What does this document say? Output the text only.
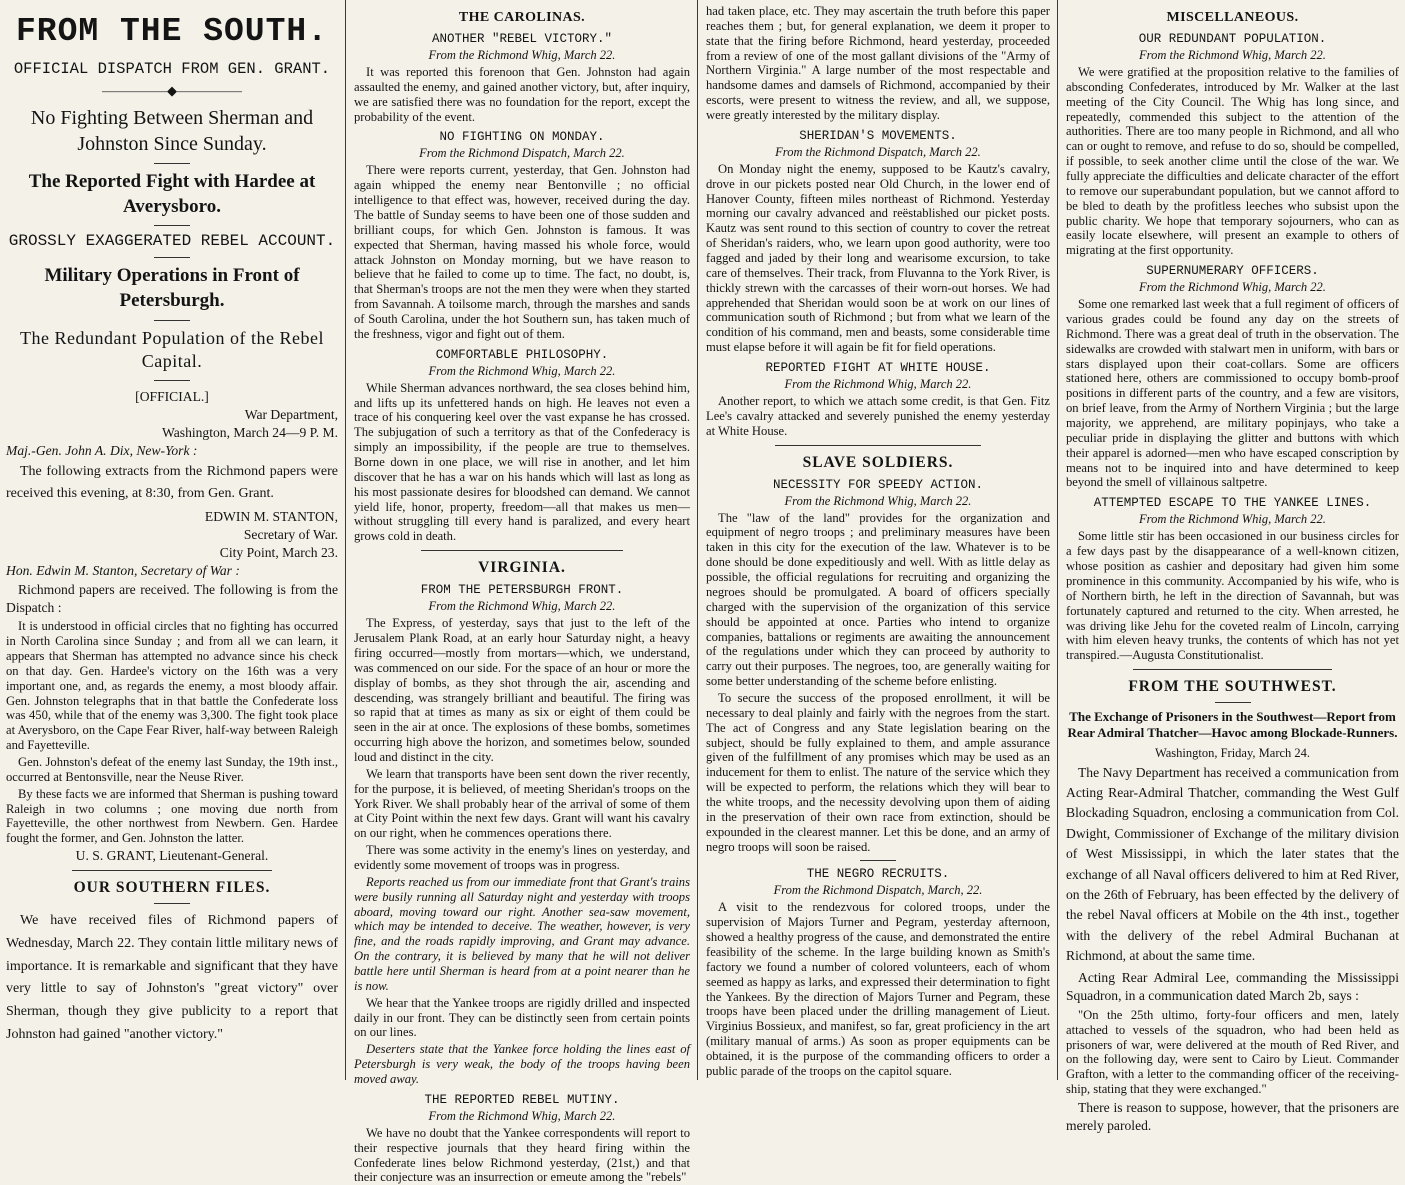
FROM THE SOUTH.
OFFICIAL DISPATCH FROM GEN. GRANT.
—————◆—————
No Fighting Between Sherman and Johnston Since Sunday.
The Reported Fight with Hardee at Averysboro.
GROSSLY EXAGGERATED REBEL ACCOUNT.
Military Operations in Front of Petersburgh.
The Redundant Population of the Rebel Capital.
[OFFICIAL.]
War Department,
Washington, March 24—9 P. M.
Maj.-Gen. John A. Dix, New-York :

The following extracts from the Richmond papers were received this evening, at 8:30, from Gen. Grant.

EDWIN M. STANTON,
Secretary of War.
City Point, March 23.
Hon. Edwin M. Stanton, Secretary of War :

Richmond papers are received. The following is from the Dispatch :

It is understood in official circles that no fighting has occurred in North Carolina since Sunday ; and from all we can learn, it appears that Sherman has attempted no advance since his check on that day. Gen. Hardee's victory on the 16th was a very important one, and, as regards the enemy, a most bloody affair. Gen. Johnston telegraphs that in that battle the Confederate loss was 450, while that of the enemy was 3,300. The fight took place at Averysboro, on the Cape Fear River, half-way between Raleigh and Fayetteville.

Gen. Johnston's defeat of the enemy last Sunday, the 19th inst., occurred at Bentonsville, near the Neuse River.

By these facts we are informed that Sherman is pushing toward Raleigh in two columns ; one moving due north from Fayetteville, the other northwest from Newbern. Gen. Hardee fought the former, and Gen. Johnston the latter.

U. S. GRANT, Lieutenant-General.
OUR SOUTHERN FILES.

We have received files of Richmond papers of Wednesday, March 22. They contain little military news of importance. It is remarkable and significant that they have very little to say of Johnston's "great victory" over Sherman, though they give publicity to a report that Johnston had gained "another victory."

THE CAROLINAS.
ANOTHER "REBEL VICTORY."
From the Richmond Whig, March 22.

It was reported this forenoon that Gen. Johnston had again assaulted the enemy, and gained another victory, but, after inquiry, we are satisfied there was no foundation for the report, except the probability of the event.

NO FIGHTING ON MONDAY.
From the Richmond Dispatch, March 22.

There were reports current, yesterday, that Gen. Johnston had again whipped the enemy near Bentonville ; no official intelligence to that effect was, however, received during the day. The battle of Sunday seems to have been one of those sudden and brilliant coups, for which Gen. Johnston is famous. It was expected that Sherman, having massed his whole force, would attack Johnston on Monday morning, but we have reason to believe that he failed to come up to time. The fact, no doubt, is, that Sherman's troops are not the men they were when they started from Savannah. A toilsome march, through the marshes and sands of South Carolina, under the hot Southern sun, has taken much of the freshness, vigor and fight out of them.

COMFORTABLE PHILOSOPHY.
From the Richmond Whig, March 22.

While Sherman advances northward, the sea closes behind him, and lifts up its unfettered hands on high. He leaves not even a trace of his conquering keel over the vast expanse he has crossed. The subjugation of such a territory as that of the Confederacy is simply an impossibility, if the people are true to themselves. Borne down in one place, we will rise in another, and let him discover that he has a war on his hands which will last as long as his most passionate desires for bloodshed can demand. We cannot yield life, honor, property, freedom—all that makes us men—without struggling till every hand is paralized, and every heart grows cold in death.

VIRGINIA.
FROM THE PETERSBURGH FRONT.
From the Richmond Whig, March 22.

The Express, of yesterday, says that just to the left of the Jerusalem Plank Road, at an early hour Saturday night, a heavy firing occurred—mostly from mortars—which, we understand, was commenced on our side. For the space of an hour or more the display of bombs, as they shot through the air, ascending and descending, was strangely brilliant and beautiful. The firing was so rapid that at times as many as six or eight of them could be seen in the air at once. The explosions of these bombs, sometimes occurring high above the horizon, and sometimes below, sounded loud and distinct in the city.

We learn that transports have been sent down the river recently, for the purpose, it is believed, of meeting Sheridan's troops on the York River. We shall probably hear of the arrival of some of them at City Point within the next few days. Grant will want his cavalry on our right, when he commences operations there.

There was some activity in the enemy's lines on yesterday, and evidently some movement of troops was in progress.

Reports reached us from our immediate front that Grant's trains were busily running all Saturday night and yesterday with troops aboard, moving toward our right. Another sea-saw movement, which may be intended to deceive. The weather, however, is very fine, and the roads rapidly improving, and Grant may advance. On the contrary, it is believed by many that he will not deliver battle here until Sherman is heard from at a point nearer than he is now.

We hear that the Yankee troops are rigidly drilled and inspected daily in our front. They can be distinctly seen from certain points on our lines.

Deserters state that the Yankee force holding the lines east of Petersburgh is very weak, the body of the troops having been moved away.

THE REPORTED REBEL MUTINY.
From the Richmond Whig, March 22.

We have no doubt that the Yankee correspondents will report to their respective journals that they heard firing within the Confederate lines below Richmond yesterday, (21st,) and that their conjecture was an insurrection or emeute among the "rebels"

had taken place, etc. They may ascertain the truth before this paper reaches them ; but, for general explanation, we deem it proper to state that the firing before Richmond, heard yesterday, proceeded from a review of one of the most gallant divisions of the "Army of Northern Virginia." A large number of the most respectable and handsome dames and damsels of Richmond, accompanied by their escorts, were present to witness the review, and all, we suppose, were greatly interested by the military display.

SHERIDAN'S MOVEMENTS.
From the Richmond Dispatch, March 22.

On Monday night the enemy, supposed to be Kautz's cavalry, drove in our pickets posted near Old Church, in the lower end of Hanover County, fifteen miles northeast of Richmond. Yesterday morning our cavalry advanced and reëstablished our picket posts. Kautz was sent round to this section of country to cover the retreat of Sheridan's raiders, who, we learn upon good authority, were too fagged and jaded by their long and wearisome excursion, to take care of themselves. Their track, from Fluvanna to the York River, is thickly strewn with the carcasses of their worn-out horses. We had apprehended that Sheridan would soon be at work on our lines of communication south of Richmond ; but from what we learn of the condition of his command, men and beasts, some considerable time must elapse before it will again be fit for field operations.

REPORTED FIGHT AT WHITE HOUSE.
From the Richmond Whig, March 22.

Another report, to which we attach some credit, is that Gen. Fitz Lee's cavalry attacked and severely punished the enemy yesterday at White House.

SLAVE SOLDIERS.
NECESSITY FOR SPEEDY ACTION.
From the Richmond Whig, March 22.

The "law of the land" provides for the organization and equipment of negro troops ; and preliminary measures have been taken in this city for the execution of the law. Whatever is to be done should be done expeditiously and well. With as little delay as possible, the official regulations for recruiting and organizing the negroes should be promulgated. A board of officers specially charged with the supervision of the organization of this service should be appointed at once. Parties who intend to organize companies, battalions or regiments are awaiting the announcement of the regulations under which they can proceed by authority to carry out their purposes. The negroes, too, are generally waiting for some better understanding of the scheme before enlisting.

To secure the success of the proposed enrollment, it will be necessary to deal plainly and fairly with the negroes from the start. The act of Congress and any State legislation bearing on the subject, should be fully explained to them, and ample assurance given of the fulfillment of any promises which may be used as an inducement for them to enlist. The nature of the service which they will be expected to perform, the relations which they will bear to the white troops, and the necessity devolving upon them of aiding in the preservation of their own race from extinction, should be expounded in the clearest manner. Let this be done, and an army of negro troops will soon be raised.

THE NEGRO RECRUITS.
From the Richmond Dispatch, March, 22.

A visit to the rendezvous for colored troops, under the supervision of Majors Turner and Pegram, yesterday afternoon, showed a healthy progress of the cause, and demonstrated the entire feasibility of the scheme. In the large building known as Smith's factory we found a number of colored volunteers, each of whom seemed as happy as larks, and expressed their determination to fight the Yankees. By the direction of Majors Turner and Pegram, these troops have been placed under the drilling management of Lieut. Virginius Bossieux, and manifest, so far, great proficiency in the art (military manual of arms.) As soon as proper equipments can be obtained, it is the purpose of the commanding officers to order a public parade of the troops on the capitol square.

MISCELLANEOUS.
OUR REDUNDANT POPULATION.
From the Richmond Whig, March 22.

We were gratified at the proposition relative to the families of absconding Confederates, introduced by Mr. Walker at the last meeting of the City Council. The Whig has long since, and repeatedly, commended this subject to the attention of the authorities. There are too many people in Richmond, and all who can or ought to remove, and refuse to do so, should be compelled, if possible, to seek another clime until the close of the war. We fully appreciate the difficulties and delicate character of the effort to remove our superabundant population, but we cannot afford to be bled to death by the profitless leeches who subsist upon the public charity. We hope that temporary sojourners, who can as easily locate elsewhere, will present an example to others of migrating at the first opportunity.

SUPERNUMERARY OFFICERS.
From the Richmond Whig, March 22.

Some one remarked last week that a full regiment of officers of various grades could be found any day on the streets of Richmond. There was a great deal of truth in the observation. The sidewalks are crowded with stalwart men in uniform, with bars or stars displayed upon their coat-collars. Some are officers stationed here, others are commissioned to occupy bomb-proof positions in different parts of the country, and a few are visitors, on brief leave, from the Army of Northern Virginia ; but the large majority, we apprehend, are military popinjays, who take a peculiar pride in displaying the glitter and buttons with which their apparel is adorned—men who have escaped conscription by means not to be inquired into and have determined to keep beyond the smell of villainous saltpetre.

ATTEMPTED ESCAPE TO THE YANKEE LINES.
From the Richmond Whig, March 22.

Some little stir has been occasioned in our business circles for a few days past by the disappearance of a well-known citizen, whose position as cashier and depositary had given him some prominence in this community. Accompanied by his wife, who is of Northern birth, he left in the direction of Savannah, but was fortunately captured and returned to the city. When arrested, he was driving like Jehu for the coveted realm of Lincoln, carrying with him eleven heavy trunks, the contents of which has not yet transpired.—Augusta Constitutionalist.

FROM THE SOUTHWEST.
The Exchange of Prisoners in the Southwest—Report from Rear Admiral Thatcher—Havoc among Blockade-Runners.
Washington, Friday, March 24.

The Navy Department has received a communication from Acting Rear-Admiral Thatcher, commanding the West Gulf Blockading Squadron, enclosing a communication from Col. Dwight, Commissioner of Exchange of the military division of West Mississippi, in which the later states that the exchange of all Naval officers delivered to him at Red River, on the 26th of February, has been effected by the delivery of the rebel Naval officers at Mobile on the 4th inst., together with the delivery of the rebel Admiral Buchanan at Richmond, at about the same time.

Acting Rear Admiral Lee, commanding the Mississippi Squadron, in a communication dated March 2b, says :

"On the 25th ultimo, forty-four officers and men, lately attached to vessels of the squadron, who had been held as prisoners of war, were delivered at the mouth of Red River, and on the following day, were sent to Cairo by Lieut. Commander Grafton, with a letter to the commanding officer of the receiving-ship, stating that they were exchanged."

There is reason to suppose, however, that the prisoners are merely paroled.
